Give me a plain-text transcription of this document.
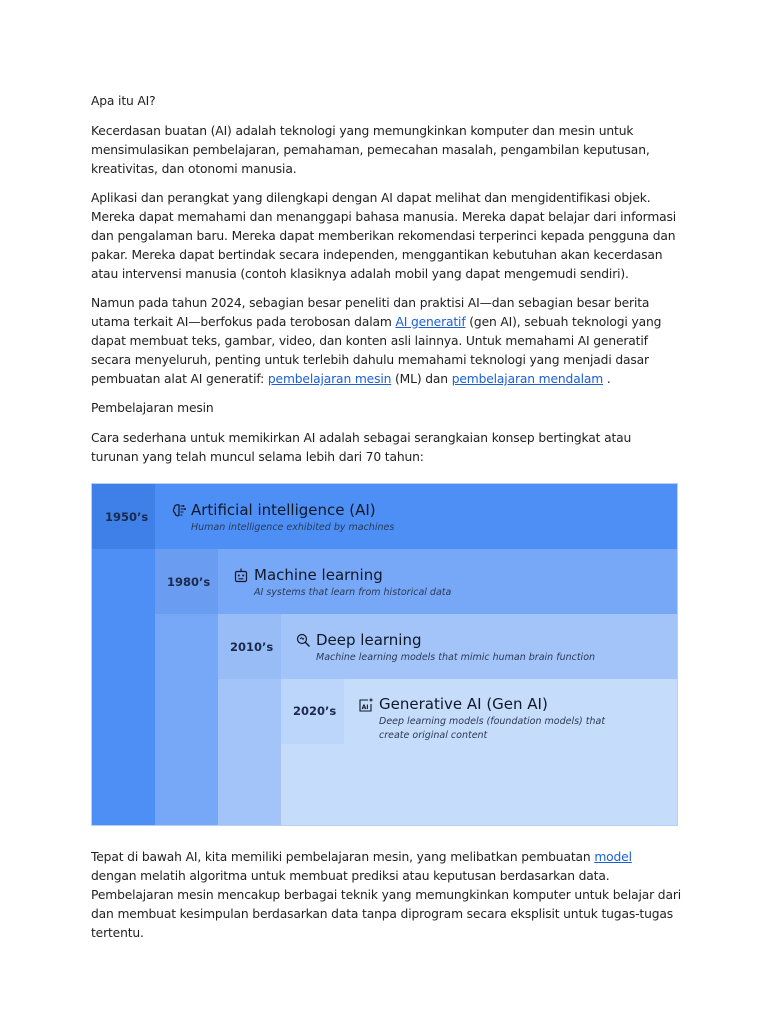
Apa itu AI?

Kecerdasan buatan (AI) adalah teknologi yang memungkinkan komputer dan mesin untuk mensimulasikan pembelajaran, pemahaman, pemecahan masalah, pengambilan keputusan, kreativitas, dan otonomi manusia.

Aplikasi dan perangkat yang dilengkapi dengan AI dapat melihat dan mengidentifikasi objek. Mereka dapat memahami dan menanggapi bahasa manusia. Mereka dapat belajar dari informasi dan pengalaman baru. Mereka dapat memberikan rekomendasi terperinci kepada pengguna dan pakar. Mereka dapat bertindak secara independen, menggantikan kebutuhan akan kecerdasan atau intervensi manusia (contoh klasiknya adalah mobil yang dapat mengemudi sendiri).

Namun pada tahun 2024, sebagian besar peneliti dan praktisi AI—dan sebagian besar berita utama terkait AI—berfokus pada terobosan dalam AI generatif (gen AI), sebuah teknologi yang dapat membuat teks, gambar, video, dan konten asli lainnya. Untuk memahami AI generatif secara menyeluruh, penting untuk terlebih dahulu memahami teknologi yang menjadi dasar pembuatan alat AI generatif: pembelajaran mesin (ML) dan pembelajaran mendalam .

Pembelajaran mesin

Cara sederhana untuk memikirkan AI adalah sebagai serangkaian konsep bertingkat atau turunan yang telah muncul selama lebih dari 70 tahun:

1950’s
1980’s
2010’s
2020’s	AI
Artificial intelligence (AI)
Human intelligence exhibited by machines
Machine learning
AI systems that learn from historical data
Deep learning
Machine learning models that mimic human brain function
Generative AI (Gen AI)
Deep learning models (foundation models) that create original content

Tepat di bawah AI, kita memiliki pembelajaran mesin, yang melibatkan pembuatan model dengan melatih algoritma untuk membuat prediksi atau keputusan berdasarkan data. Pembelajaran mesin mencakup berbagai teknik yang memungkinkan komputer untuk belajar dari dan membuat kesimpulan berdasarkan data tanpa diprogram secara eksplisit untuk tugas-tugas tertentu.
